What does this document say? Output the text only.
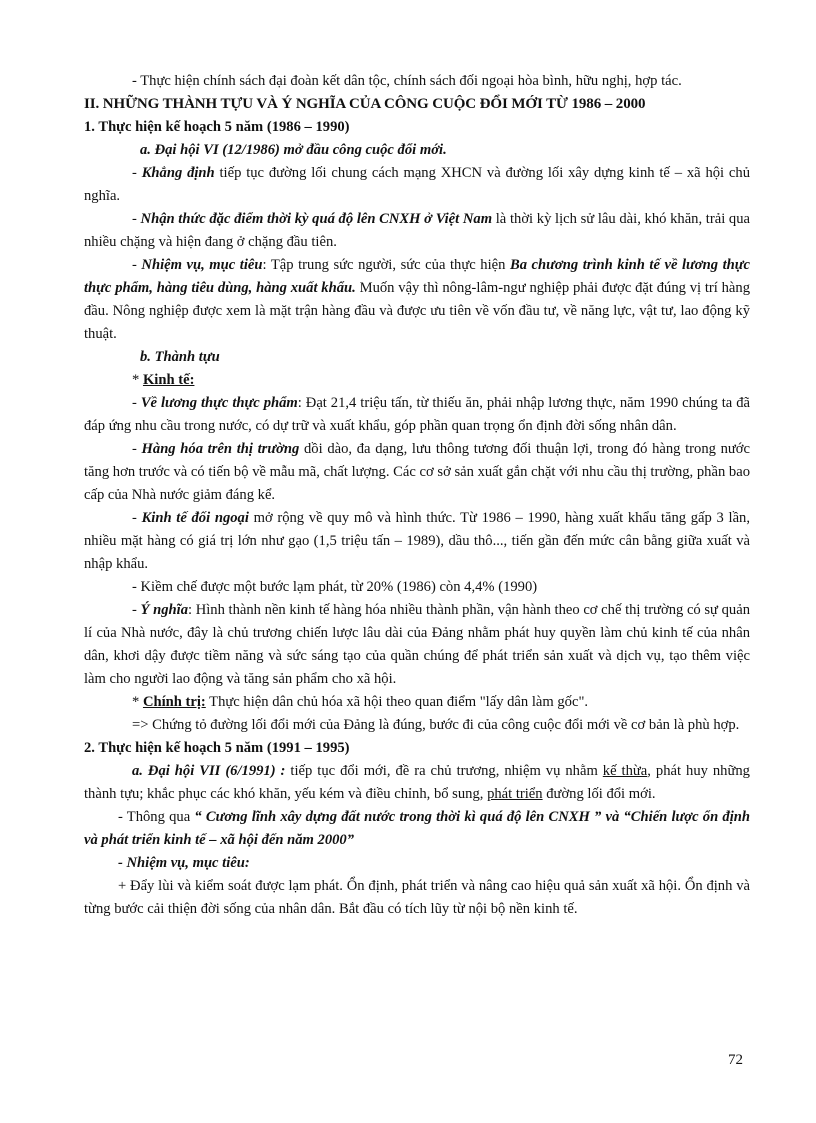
- Thực hiện chính sách đại đoàn kết dân tộc, chính sách đối ngoại hòa bình, hữu nghị, hợp tác.

II. NHỮNG THÀNH TỰU VÀ Ý NGHĨA CỦA CÔNG CUỘC ĐỔI MỚI TỪ 1986 – 2000

1. Thực hiện kế hoạch 5 năm (1986 – 1990)

a. Đại hội VI (12/1986) mở đầu công cuộc đổi mới.

- Khẳng định tiếp tục đường lối chung cách mạng XHCN và đường lối xây dựng kinh tế – xã hội chủ nghĩa.

- Nhận thức đặc điểm thời kỳ quá độ lên CNXH ở Việt Nam là thời kỳ lịch sử lâu dài, khó khăn, trải qua nhiều chặng và hiện đang ở chặng đầu tiên.

- Nhiệm vụ, mục tiêu: Tập trung sức người, sức của thực hiện Ba chương trình kinh tế về lương thực thực phẩm, hàng tiêu dùng, hàng xuất khẩu. Muốn vậy thì nông-lâm-ngư nghiệp phải được đặt đúng vị trí hàng đầu. Nông nghiệp được xem là mặt trận hàng đầu và được ưu tiên về vốn đầu tư, về năng lực, vật tư, lao động kỹ thuật.

b. Thành tựu

* Kinh tế:

- Về lương thực thực phẩm: Đạt 21,4 triệu tấn, từ thiếu ăn, phải nhập lương thực, năm 1990 chúng ta đã đáp ứng nhu cầu trong nước, có dự trữ và xuất khẩu, góp phần quan trọng ổn định đời sống nhân dân.

- Hàng hóa trên thị trường dồi dào, đa dạng, lưu thông tương đối thuận lợi, trong đó hàng trong nước tăng hơn trước và có tiến bộ về mẫu mã, chất lượng. Các cơ sở sản xuất gắn chặt với nhu cầu thị trường, phần bao cấp của Nhà nước giảm đáng kể.

- Kinh tế đối ngoại mở rộng về quy mô và hình thức. Từ 1986 – 1990, hàng xuất khẩu tăng gấp 3 lần, nhiều mặt hàng có giá trị lớn như gạo (1,5 triệu tấn – 1989), dầu thô..., tiến gần đến mức cân bằng giữa xuất và nhập khẩu.

- Kiềm chế được một bước lạm phát, từ 20% (1986) còn 4,4% (1990)

- Ý nghĩa: Hình thành nền kinh tế hàng hóa nhiều thành phần, vận hành theo cơ chế thị trường có sự quản lí của Nhà nước, đây là chủ trương chiến lược lâu dài của Đảng nhằm phát huy quyền làm chủ kinh tế của nhân dân, khơi dậy được tiềm năng và sức sáng tạo của quần chúng để phát triển sản xuất và dịch vụ, tạo thêm việc làm cho người lao động và tăng sản phẩm cho xã hội.

* Chính trị: Thực hiện dân chủ hóa xã hội theo quan điểm "lấy dân làm gốc".

=> Chứng tỏ đường lối đổi mới của Đảng là đúng, bước đi của công cuộc đổi mới về cơ bản là phù hợp.

2. Thực hiện kế hoạch 5 năm (1991 – 1995)

a. Đại hội VII (6/1991) : tiếp tục đổi mới, đề ra chủ trương, nhiệm vụ nhằm kế thừa, phát huy những thành tựu; khắc phục các khó khăn, yếu kém và điều chỉnh, bổ sung, phát triển đường lối đổi mới.

- Thông qua “ Cương lĩnh xây dựng đất nước trong thời kì quá độ lên CNXH ” và “Chiến lược ổn định và phát triển kinh tế – xã hội đến năm 2000”

- Nhiệm vụ, mục tiêu:

+ Đẩy lùi và kiểm soát được lạm phát. Ổn định, phát triển và nâng cao hiệu quả sản xuất xã hội. Ổn định và từng bước cải thiện đời sống của nhân dân. Bắt đầu có tích lũy từ nội bộ nền kinh tế.

72
